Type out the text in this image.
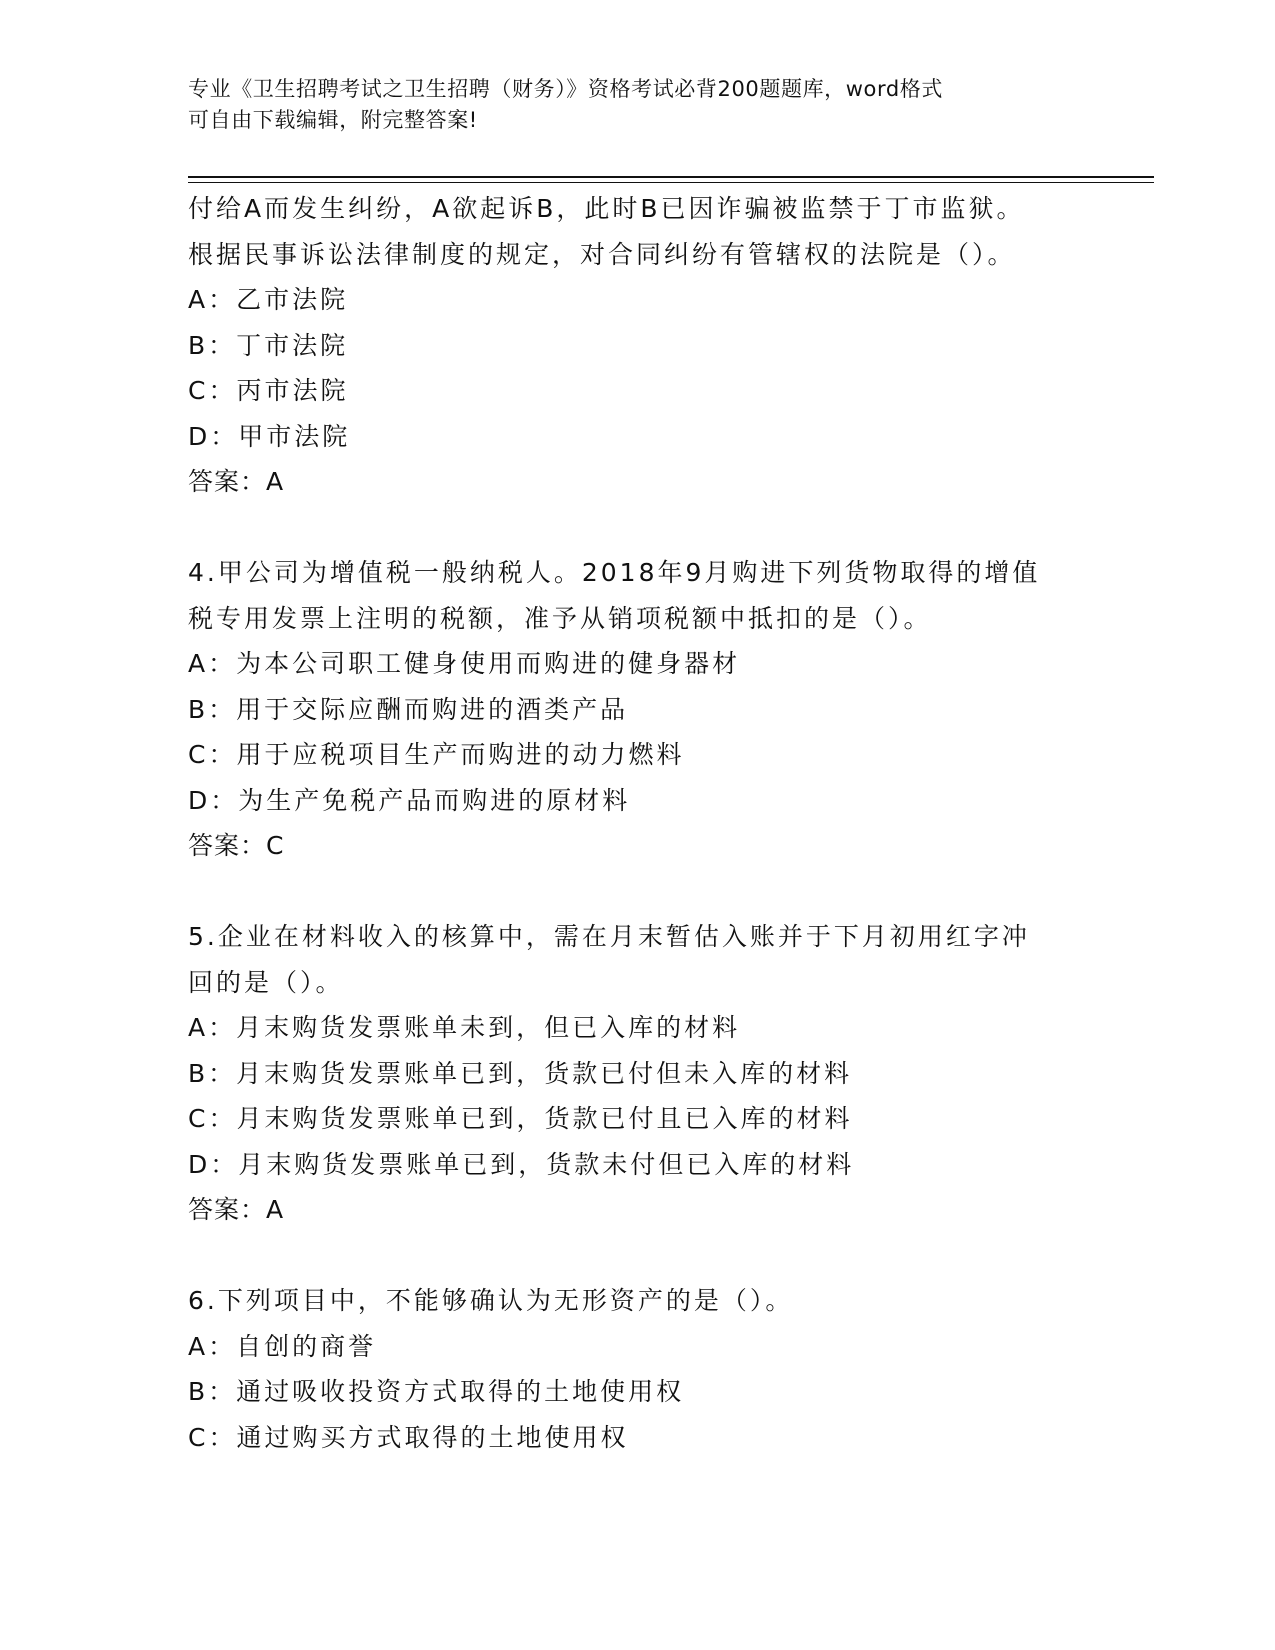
专业《卫生招聘考试之卫生招聘（财务）》资格考试必背200题题库，word格式
可自由下载编辑，附完整答案!
付给A而发生纠纷，A欲起诉B，此时B已因诈骗被监禁于丁市监狱。
根据民事诉讼法律制度的规定，对合同纠纷有管辖权的法院是（）。
A：乙市法院
B：丁市法院
C：丙市法院
D：甲市法院
答案：A
4.甲公司为增值税一般纳税人。2018年9月购进下列货物取得的增值
税专用发票上注明的税额，准予从销项税额中抵扣的是（）。
A：为本公司职工健身使用而购进的健身器材
B：用于交际应酬而购进的酒类产品
C：用于应税项目生产而购进的动力燃料
D：为生产免税产品而购进的原材料
答案：C
5.企业在材料收入的核算中，需在月末暂估入账并于下月初用红字冲
回的是（）。
A：月末购货发票账单未到，但已入库的材料
B：月末购货发票账单已到，货款已付但未入库的材料
C：月末购货发票账单已到，货款已付且已入库的材料
D：月末购货发票账单已到，货款未付但已入库的材料
答案：A
6.下列项目中，不能够确认为无形资产的是（）。
A：自创的商誉
B：通过吸收投资方式取得的土地使用权
C：通过购买方式取得的土地使用权
